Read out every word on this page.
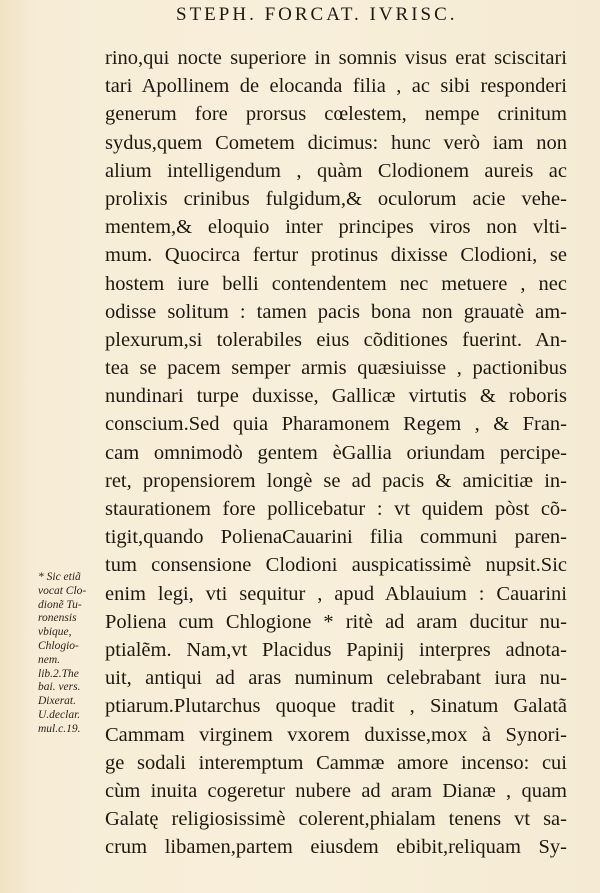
STEPH. FORCAT. IVRISC.
rino,qui nocte superiore in somnis visus erat sciscitari
tari Apollinem de elocanda filia , ac sibi responderi
generum fore prorsus cœlestem, nempe crinitum
sydus,quem Cometem dicimus: hunc verò iam non
alium intelligendum , quàm Clodionem aureis ac
prolixis crinibus fulgidum,& oculorum acie vehe-
mentem,& eloquio inter principes viros non vlti-
mum. Quocirca fertur protinus dixisse Clodioni, se
hostem iure belli contendentem nec metuere , nec
odisse solitum : tamen pacis bona non grauatè am-
plexurum,si tolerabiles eius cõditiones fuerint. An-
tea se pacem semper armis quæsiuisse , pactionibus
nundinari turpe duxisse, Gallicæ virtutis & roboris
conscium.Sed quia Pharamonem Regem , & Fran-
cam omnimodò gentem èGallia oriundam percipe-
ret, propensiorem longè se ad pacis & amicitiæ in-
staurationem fore pollicebatur : vt quidem pòst cõ-
tigit,quando PolienaCauarini filia communi paren-
tum consensione Clodioni auspicatissimè nupsit.Sic
enim legi, vti sequitur , apud Ablauium : Cauarini
Poliena cum Chlogione * ritè ad aram ducitur nu-
ptialẽm. Nam,vt Placidus Papinij interpres adnota-
uit, antiqui ad aras numinum celebrabant iura nu-
ptiarum.Plutarchus quoque tradit , Sinatum Galatã
Cammam virginem vxorem duxisse,mox à Synori-
ge sodali interemptum Cammæ amore incenso: cui
cùm inuita cogeretur nubere ad aram Dianæ , quam
Galatę religiosissimè colerent,phialam tenens vt sa-
crum libamen,partem eiusdem ebibit,reliquam Sy-
* Sic etiã
vocat Clo-
dionẽ Tu-
ronensis
vbique,
Chlogio-
nem.
lib.2.The
bai. vers.
Dixerat.
U.declar.
mul.c.19.
